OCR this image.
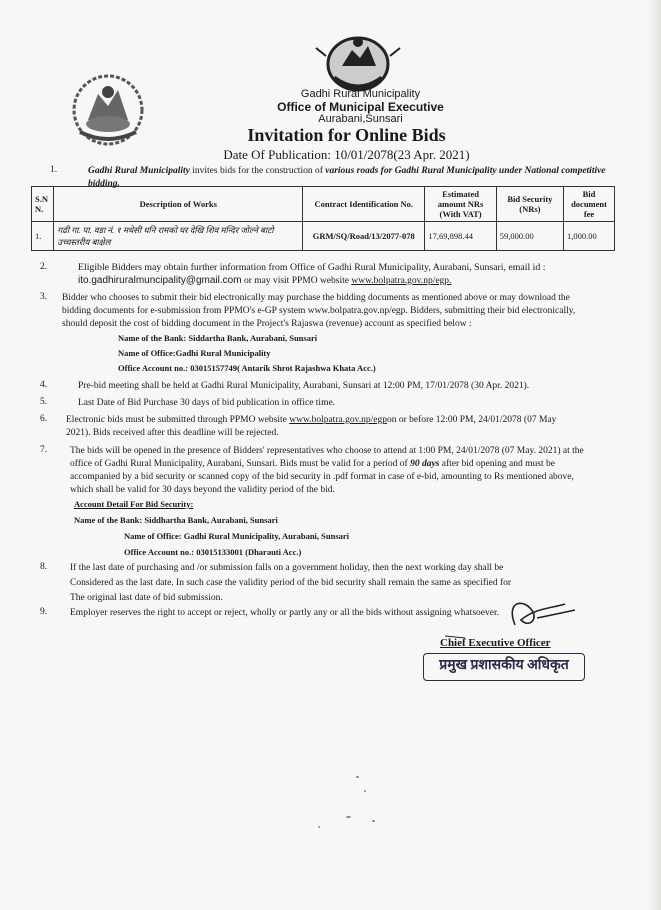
Gadhi Rural Municipality
Office of Municipal Executive
Aurabani,Sunsari
Invitation for Online Bids
Date Of Publication: 10/01/2078(23 Apr. 2021)
1.	Gadhi Rural Municipality invites bids for the construction of various roads for Gadhi Rural Municipality under National competitive bidding.
S.N N.	Description of Works	Contract Identification No.	Estimated amount NRs (With VAT)	Bid Security (NRs)	Bid document fee
1.	गढी गा. पा. वडा नं. १ मधेसी धनि रामको घर देखि शिव मन्दिर जोल्ने बाटो उच्चस्तरीय बाक्षेल	GRM/SQ/Road/13/2077-078	17,69,898.44	59,000.00	1,000.00
2.	Eligible Bidders may obtain further information from Office of Gadhi Rural Municipality, Aurabani, Sunsari, email id :
ito.gadhiruralmuncipality@gmail.com or may visit PPMO website www.bolpatra.gov.np/egp.
3. Bidder who chooses to submit their bid electronically may purchase the bidding documents as mentioned above or may download the
bidding documents for e-submission from PPMO's e-GP system www.bolpatra.gov.np/egp. Bidders, submitting their bid electronically,
should deposit the cost of bidding document in the Project's Rajaswa (revenue) account as specified below :
Name of the Bank: Siddartha Bank, Aurabani, Sunsari
Name of Office:Gadhi Rural Municipality
Office Account no.: 03015157749( Antarik Shrot Rajashwa Khata Acc.)
4.	Pre-bid meeting shall be held at Gadhi Rural Municipality, Aurabani, Sunsari at 12:00 PM, 17/01/2078 (30 Apr. 2021).
5.	Last Date of Bid Purchase 30 days of bid publication in office time.
6. Electronic bids must be submitted through PPMO website www.bolpatra.gov.np/egpon or before 12:00 PM, 24/01/2078 (07 May
2021). Bids received after this deadline will be rejected.
7. The bids will be opened in the presence of Bidders' representatives who choose to attend at 1:00 PM, 24/01/2078 (07 May. 2021) at the
office of Gadhi Rural Municipality, Aurabani, Sunsari. Bids must be valid for a period of 90 days after bid opening and must be
accompanied by a bid security or scanned copy of the bid security in .pdf format in case of e-bid, amounting to Rs mentioned above,
which shall be valid for 30 days beyond the validity period of the bid.
Account Detail For Bid Security:
Name of the Bank: Siddhartha Bank, Aurabani, Sunsari
Name of Office: Gadhi Rural Municipality, Aurabani, Sunsari
Office Account no.: 03015133001 (Dharauti Acc.)
8. If the last date of purchasing and /or submission falls on a government holiday, then the next working day shall be
Considered as the last date. In such case the validity period of the bid security shall remain the same as specified for
The original last date of bid submission.
9. Employer reserves the right to accept or reject, wholly or partly any or all the bids without assigning whatsoever.
Chief Executive Officer
प्रमुख प्रशासकीय अधिकृत
